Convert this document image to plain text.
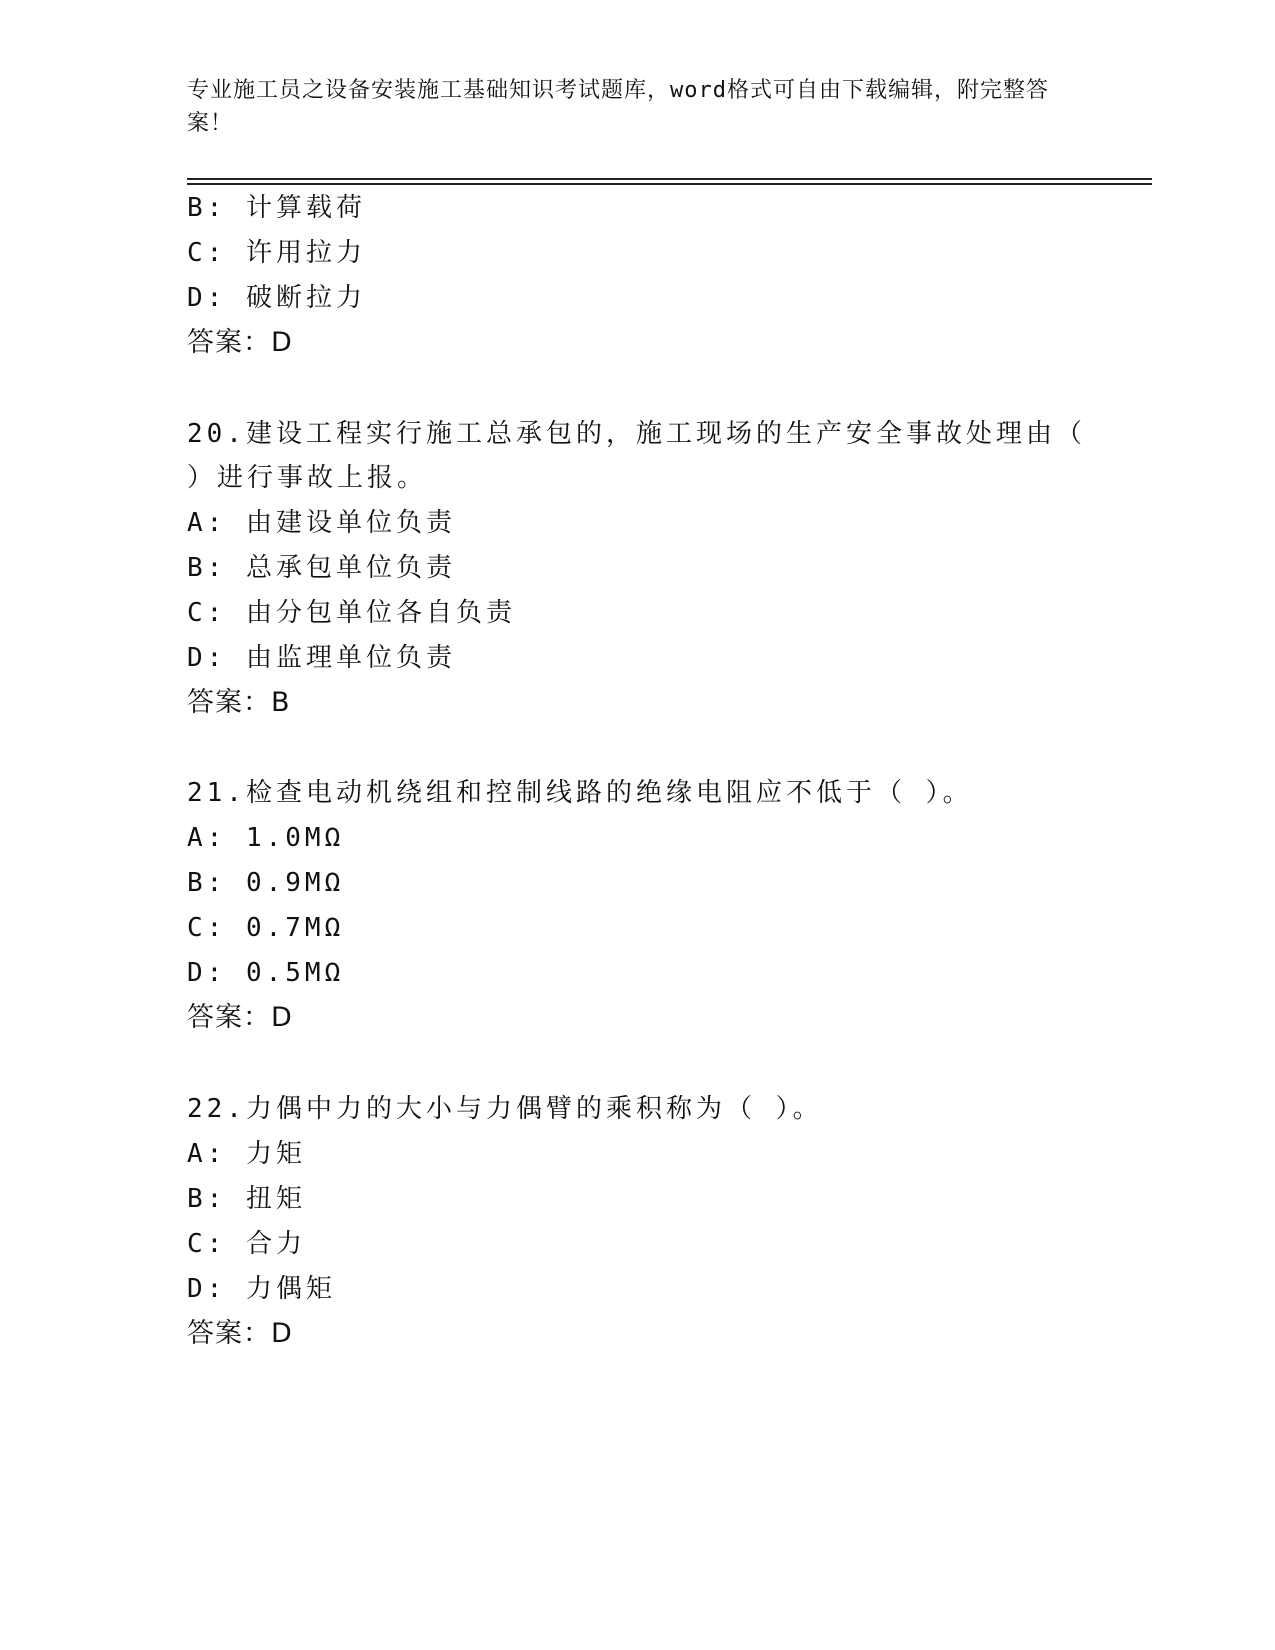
专业施工员之设备安装施工基础知识考试题库，word格式可自由下载编辑，附完整答案！
B: 计算载荷
C: 许用拉力
D: 破断拉力
答案：D
20.建设工程实行施工总承包的，施工现场的生产安全事故处理由（
）进行事故上报。
A: 由建设单位负责
B: 总承包单位负责
C: 由分包单位各自负责
D: 由监理单位负责
答案：B
21.检查电动机绕组和控制线路的绝缘电阻应不低于（ ）。
A: 1.0MΩ
B: 0.9MΩ
C: 0.7MΩ
D: 0.5MΩ
答案：D
22.力偶中力的大小与力偶臂的乘积称为（ ）。
A: 力矩
B: 扭矩
C: 合力
D: 力偶矩
答案：D
